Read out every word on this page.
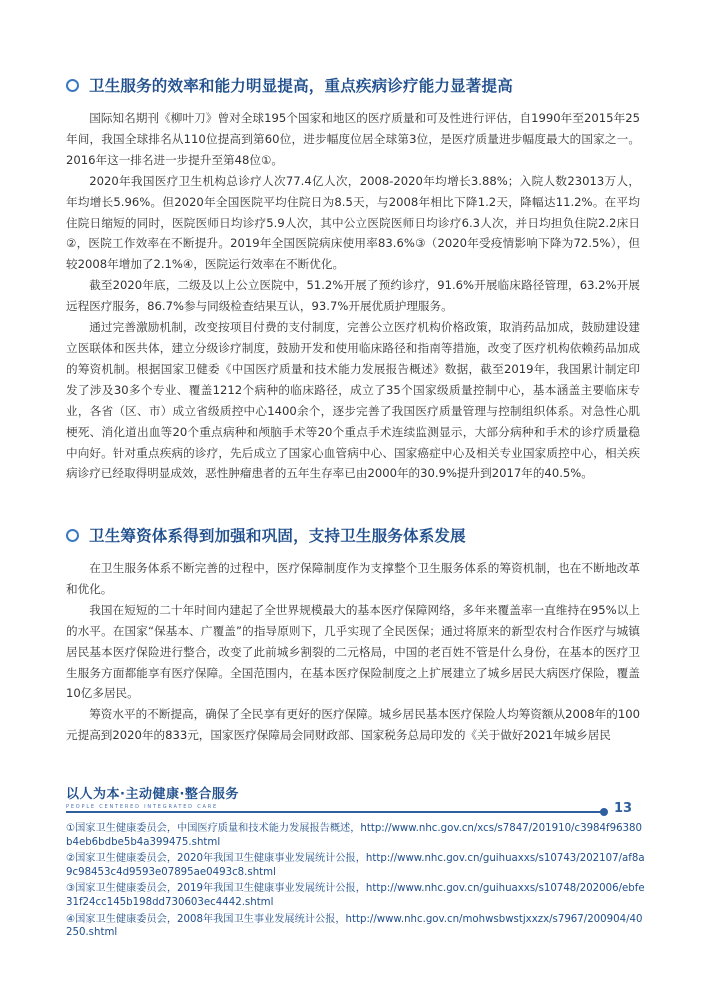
卫生服务的效率和能力明显提高，重点疾病诊疗能力显著提高

国际知名期刊《柳叶刀》曾对全球195个国家和地区的医疗质量和可及性进行评估，自1990年至2015年25年间，我国全球排名从110位提高到第60位，进步幅度位居全球第3位，是医疗质量进步幅度最大的国家之一。2016年这一排名进一步提升至第48位①。

2020年我国医疗卫生机构总诊疗人次77.4亿人次，2008-2020年均增长3.88%；入院人数23013万人，年均增长5.96%。但2020年全国医院平均住院日为8.5天，与2008年相比下降1.2天，降幅达11.2%。在平均住院日缩短的同时，医院医师日均诊疗5.9人次，其中公立医院医师日均诊疗6.3人次，并日均担负住院2.2床日②，医院工作效率在不断提升。2019年全国医院病床使用率83.6%③（2020年受疫情影响下降为72.5%），但较2008年增加了2.1%④，医院运行效率在不断优化。

截至2020年底，二级及以上公立医院中，51.2%开展了预约诊疗，91.6%开展临床路径管理，63.2%开展远程医疗服务，86.7%参与同级检查结果互认，93.7%开展优质护理服务。

通过完善激励机制，改变按项目付费的支付制度，完善公立医疗机构价格政策，取消药品加成，鼓励建设建立医联体和医共体，建立分级诊疗制度，鼓励开发和使用临床路径和指南等措施，改变了医疗机构依赖药品加成的筹资机制。根据国家卫健委《中国医疗质量和技术能力发展报告概述》数据，截至2019年，我国累计制定印发了涉及30多个专业、覆盖1212个病种的临床路径，成立了35个国家级质量控制中心，基本涵盖主要临床专业，各省（区、市）成立省级质控中心1400余个，逐步完善了我国医疗质量管理与控制组织体系。对急性心肌梗死、消化道出血等20个重点病种和颅脑手术等20个重点手术连续监测显示，大部分病种和手术的诊疗质量稳中向好。针对重点疾病的诊疗，先后成立了国家心血管病中心、国家癌症中心及相关专业国家质控中心，相关疾病诊疗已经取得明显成效，恶性肿瘤患者的五年生存率已由2000年的30.9%提升到2017年的40.5%。

卫生筹资体系得到加强和巩固，支持卫生服务体系发展

在卫生服务体系不断完善的过程中，医疗保障制度作为支撑整个卫生服务体系的筹资机制，也在不断地改革和优化。

我国在短短的二十年时间内建起了全世界规模最大的基本医疗保障网络，多年来覆盖率一直维持在95%以上的水平。在国家“保基本、广覆盖”的指导原则下，几乎实现了全民医保；通过将原来的新型农村合作医疗与城镇居民基本医疗保险进行整合，改变了此前城乡割裂的二元格局，中国的老百姓不管是什么身份，在基本的医疗卫生服务方面都能享有医疗保障。全国范围内，在基本医疗保险制度之上扩展建立了城乡居民大病医疗保险，覆盖10亿多居民。

筹资水平的不断提高，确保了全民享有更好的医疗保障。城乡居民基本医疗保险人均筹资额从2008年的100元提高到2020年的833元，国家医疗保障局会同财政部、国家税务总局印发的《关于做好2021年城乡居民

以人为本·主动健康·整合服务
PEOPLE CENTERED INTEGRATED CARE	13

①国家卫生健康委员会，中国医疗质量和技术能力发展报告概述，http://www.nhc.gov.cn/xcs/s7847/201910/c3984f96380b4eb6bdbe5b4a399475.shtml

②国家卫生健康委员会，2020年我国卫生健康事业发展统计公报，http://www.nhc.gov.cn/guihuaxxs/s10743/202107/af8a9c98453c4d9593e07895ae0493c8.shtml

③国家卫生健康委员会，2019年我国卫生健康事业发展统计公报，http://www.nhc.gov.cn/guihuaxxs/s10748/202006/ebfe31f24cc145b198dd730603ec4442.shtml

④国家卫生健康委员会，2008年我国卫生事业发展统计公报，http://www.nhc.gov.cn/mohwsbwstjxxzx/s7967/200904/40250.shtml
